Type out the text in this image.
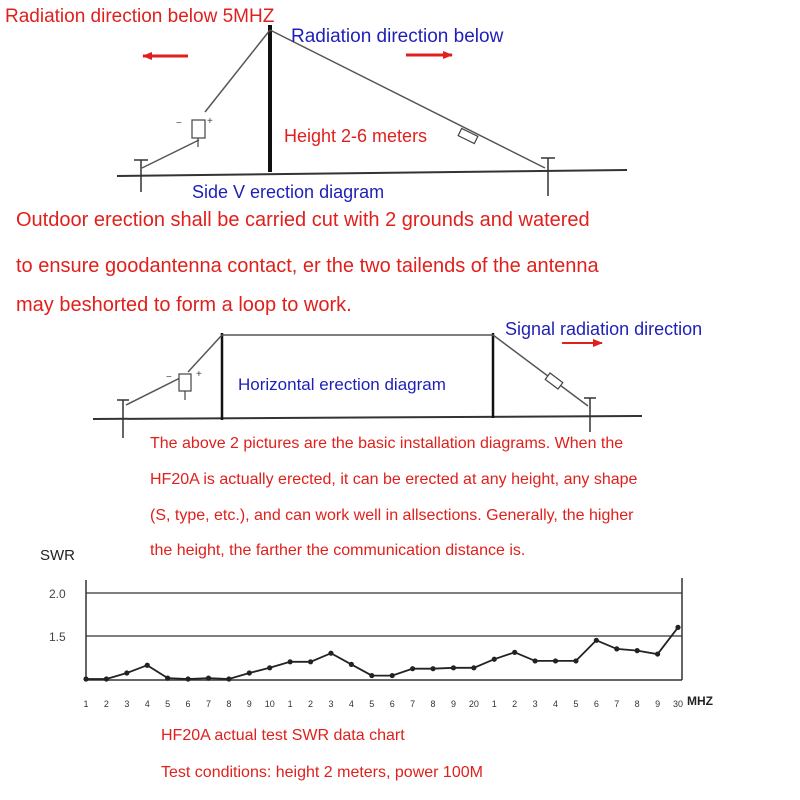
−	+
− +
SWR
2.0
1.5
MHZ
1 2 3 4 5 6 7 8 9 10 1 2 3 4 5 6 7 8 9 20 1 2 3 4 5 6 7 8 9 30
Radiation direction below 5MHZ
Radiation direction below
Height 2-6 meters
Side V erection diagram
Outdoor erection shall be carried cut with 2 grounds and watered
to ensure goodantenna contact, er the two tailends of the antenna
may beshorted to form a loop to work.
Signal radiation direction
Horizontal erection diagram
The above 2 pictures are the basic installation diagrams. When the
HF20A is actually erected, it can be erected at any height, any shape
(S, type, etc.), and can work well in allsections. Generally, the higher
the height, the farther the communication distance is.
HF20A actual test SWR data chart
Test conditions: height 2 meters, power 100M
